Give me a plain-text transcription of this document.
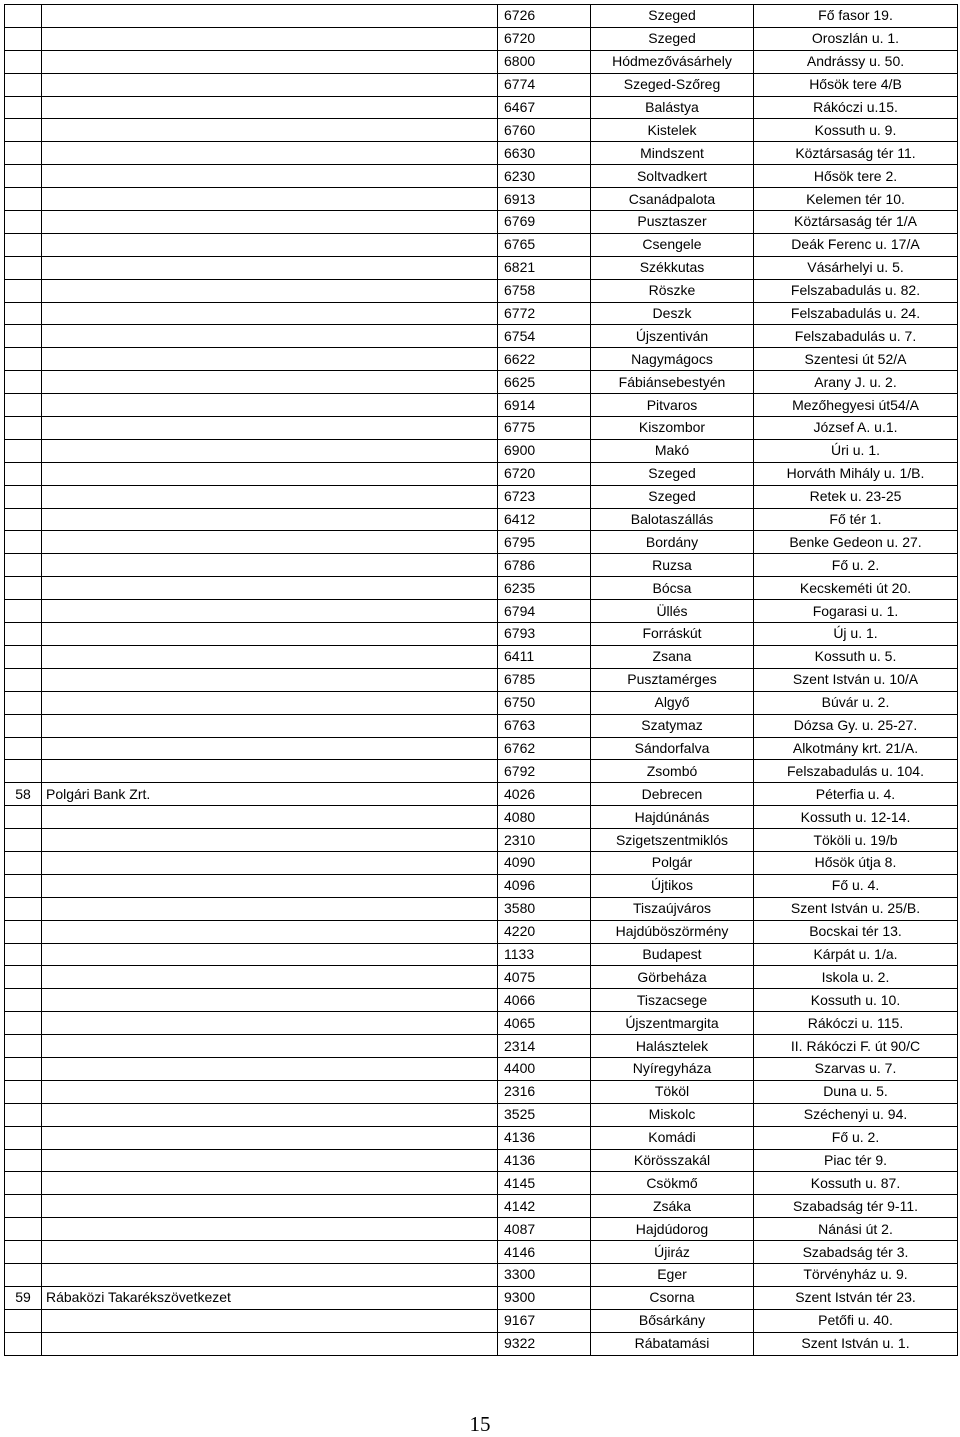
		6726	Szeged	Fő fasor 19.
		6720	Szeged	Oroszlán u. 1.
		6800	Hódmezővásárhely	Andrássy u. 50.
		6774	Szeged-Szőreg	Hősök tere 4/B
		6467	Balástya	Rákóczi u.15.
		6760	Kistelek	Kossuth u. 9.
		6630	Mindszent	Köztársaság tér 11.
		6230	Soltvadkert	Hősök tere 2.
		6913	Csanádpalota	Kelemen tér 10.
		6769	Pusztaszer	Köztársaság tér 1/A
		6765	Csengele	Deák Ferenc u. 17/A
		6821	Székkutas	Vásárhelyi u. 5.
		6758	Röszke	Felszabadulás u. 82.
		6772	Deszk	Felszabadulás u. 24.
		6754	Újszentiván	Felszabadulás u. 7.
		6622	Nagymágocs	Szentesi út 52/A
		6625	Fábiánsebestyén	Arany J. u. 2.
		6914	Pitvaros	Mezőhegyesi út54/A
		6775	Kiszombor	József A. u.1.
		6900	Makó	Úri u. 1.
		6720	Szeged	Horváth Mihály u. 1/B.
		6723	Szeged	Retek u. 23-25
		6412	Balotaszállás	Fő tér 1.
		6795	Bordány	Benke Gedeon u. 27.
		6786	Ruzsa	Fő u. 2.
		6235	Bócsa	Kecskeméti út 20.
		6794	Üllés	Fogarasi u. 1.
		6793	Forráskút	Új u. 1.
		6411	Zsana	Kossuth u. 5.
		6785	Pusztamérges	Szent István u. 10/A
		6750	Algyő	Búvár u. 2.
		6763	Szatymaz	Dózsa Gy. u. 25-27.
		6762	Sándorfalva	Alkotmány krt. 21/A.
		6792	Zsombó	Felszabadulás u. 104.
58	Polgári Bank Zrt.	4026	Debrecen	Péterfia u. 4.
		4080	Hajdúnánás	Kossuth u. 12-14.
		2310	Szigetszentmiklós	Tököli u. 19/b
		4090	Polgár	Hősök útja 8.
		4096	Újtikos	Fő u. 4.
		3580	Tiszaújváros	Szent István u. 25/B.
		4220	Hajdúböszörmény	Bocskai tér 13.
		1133	Budapest	Kárpát u. 1/a.
		4075	Görbeháza	Iskola u. 2.
		4066	Tiszacsege	Kossuth u. 10.
		4065	Újszentmargita	Rákóczi u. 115.
		2314	Halásztelek	II. Rákóczi F. út 90/C
		4400	Nyíregyháza	Szarvas u. 7.
		2316	Tököl	Duna u. 5.
		3525	Miskolc	Széchenyi u. 94.
		4136	Komádi	Fő u. 2.
		4136	Körösszakál	Piac tér 9.
		4145	Csökmő	Kossuth u. 87.
		4142	Zsáka	Szabadság tér 9-11.
		4087	Hajdúdorog	Nánási út 2.
		4146	Újiráz	Szabadság tér 3.
		3300	Eger	Törvényház u. 9.
59	Rábaközi Takarékszövetkezet	9300	Csorna	Szent István tér 23.
		9167	Bősárkány	Petőfi u. 40.
		9322	Rábatamási	Szent István u. 1.
15
